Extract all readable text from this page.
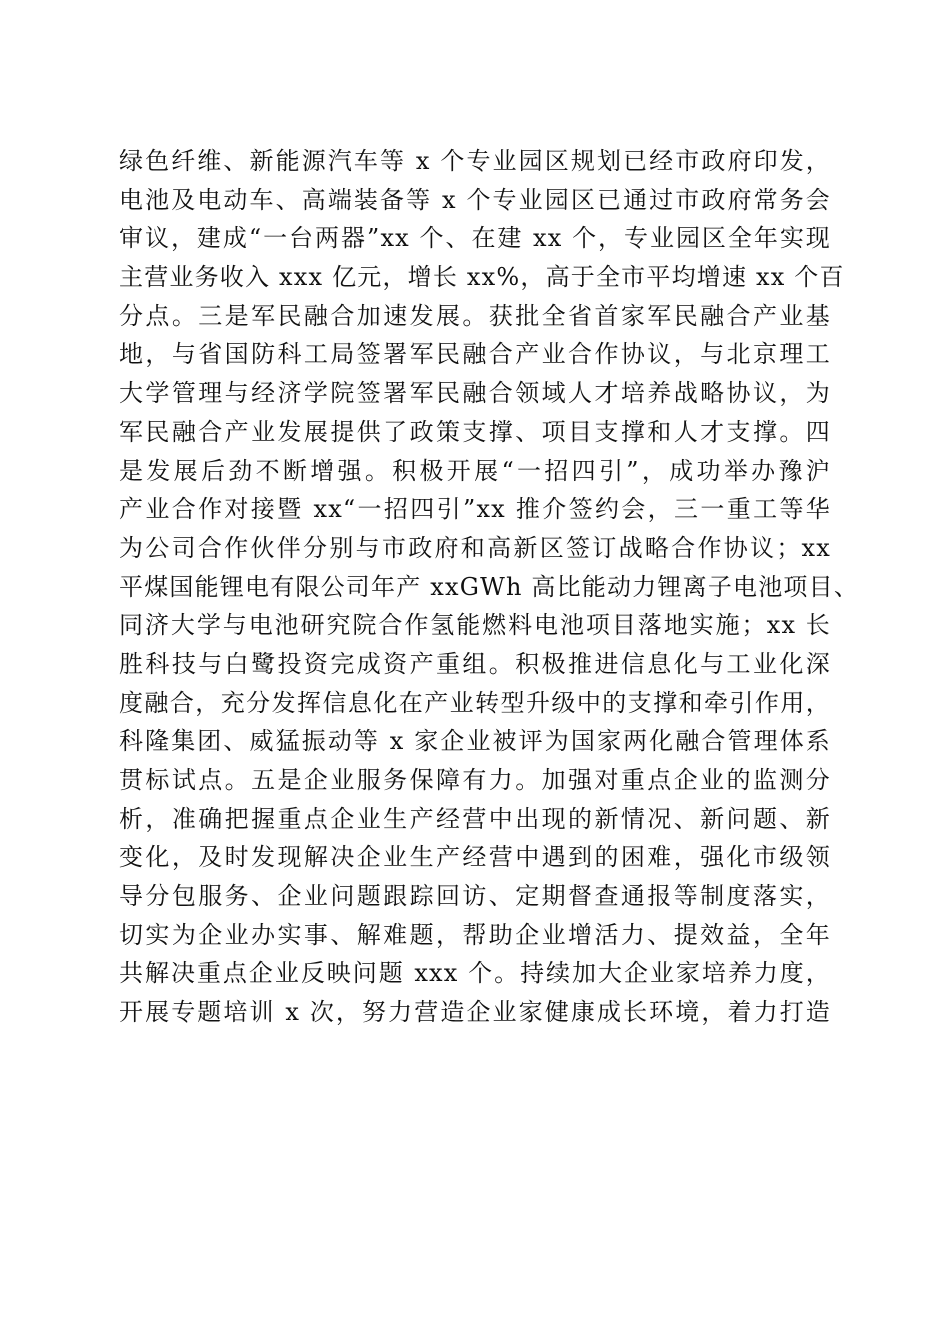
绿色纤维、新能源汽车等 x 个专业园区规划已经市政府印发，
电池及电动车、高端装备等 x 个专业园区已通过市政府常务会
审议，建成“一台两器”xx 个、在建 xx 个，专业园区全年实现
主营业务收入 xxx 亿元，增长 xx%，高于全市平均增速 xx 个百
分点。三是军民融合加速发展。获批全省首家军民融合产业基
地，与省国防科工局签署军民融合产业合作协议，与北京理工
大学管理与经济学院签署军民融合领域人才培养战略协议，为
军民融合产业发展提供了政策支撑、项目支撑和人才支撑。四
是发展后劲不断增强。积极开展“一招四引”，成功举办豫沪
产业合作对接暨 xx“一招四引”xx 推介签约会，三一重工等华
为公司合作伙伴分别与市政府和高新区签订战略合作协议；xx
平煤国能锂电有限公司年产 xxGWh 高比能动力锂离子电池项目、
同济大学与电池研究院合作氢能燃料电池项目落地实施；xx 长
胜科技与白鹭投资完成资产重组。积极推进信息化与工业化深
度融合，充分发挥信息化在产业转型升级中的支撑和牵引作用，
科隆集团、威猛振动等 x 家企业被评为国家两化融合管理体系
贯标试点。五是企业服务保障有力。加强对重点企业的监测分
析，准确把握重点企业生产经营中出现的新情况、新问题、新
变化，及时发现解决企业生产经营中遇到的困难，强化市级领
导分包服务、企业问题跟踪回访、定期督查通报等制度落实，
切实为企业办实事、解难题，帮助企业增活力、提效益，全年
共解决重点企业反映问题 xxx 个。持续加大企业家培养力度，
开展专题培训 x 次，努力营造企业家健康成长环境，着力打造
